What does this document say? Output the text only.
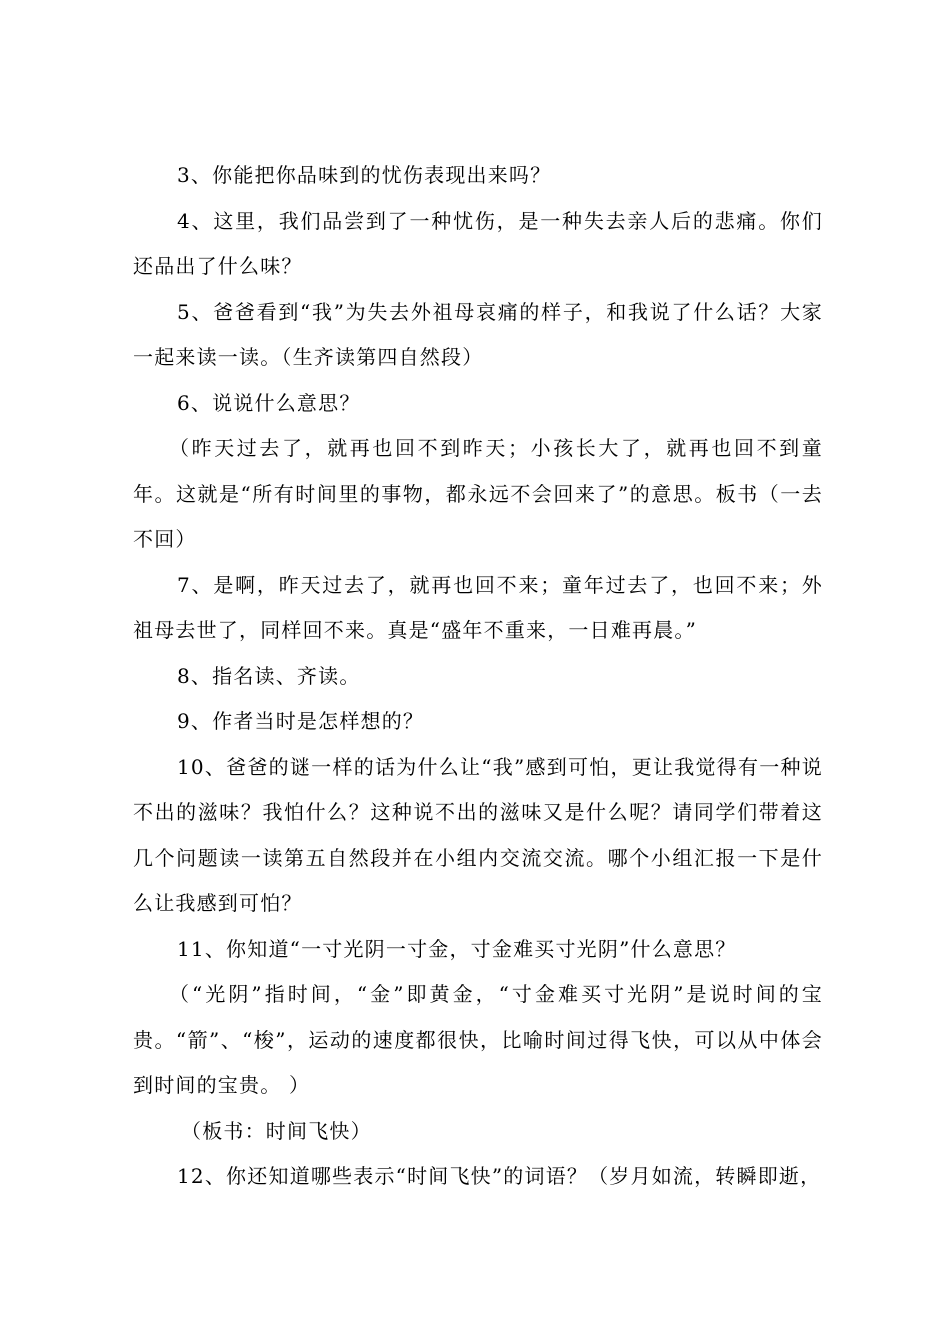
3、你能把你品味到的忧伤表现出来吗？

4、这里，我们品尝到了一种忧伤，是一种失去亲人后的悲痛。你们还品出了什么味？

5、爸爸看到“我”为失去外祖母哀痛的样子，和我说了什么话？大家一起来读一读。（生齐读第四自然段）

6、说说什么意思？

（昨天过去了，就再也回不到昨天；小孩长大了，就再也回不到童年。这就是“所有时间里的事物，都永远不会回来了”的意思。板书（一去不回）

7、是啊，昨天过去了，就再也回不来；童年过去了，也回不来；外祖母去世了，同样回不来。真是“盛年不重来，一日难再晨。”

8、指名读、齐读。

9、作者当时是怎样想的？

10、爸爸的谜一样的话为什么让“我”感到可怕，更让我觉得有一种说不出的滋味？我怕什么？这种说不出的滋味又是什么呢？请同学们带着这几个问题读一读第五自然段并在小组内交流交流。哪个小组汇报一下是什么让我感到可怕？

11、你知道“一寸光阴一寸金，寸金难买寸光阴”什么意思？

（“光阴”指时间，“金”即黄金，“寸金难买寸光阴”是说时间的宝贵。“箭”、“梭”，运动的速度都很快，比喻时间过得飞快，可以从中体会到时间的宝贵。 ）

（板书：时间飞快）

12、你还知道哪些表示“时间飞快”的词语？（岁月如流，转瞬即逝，
